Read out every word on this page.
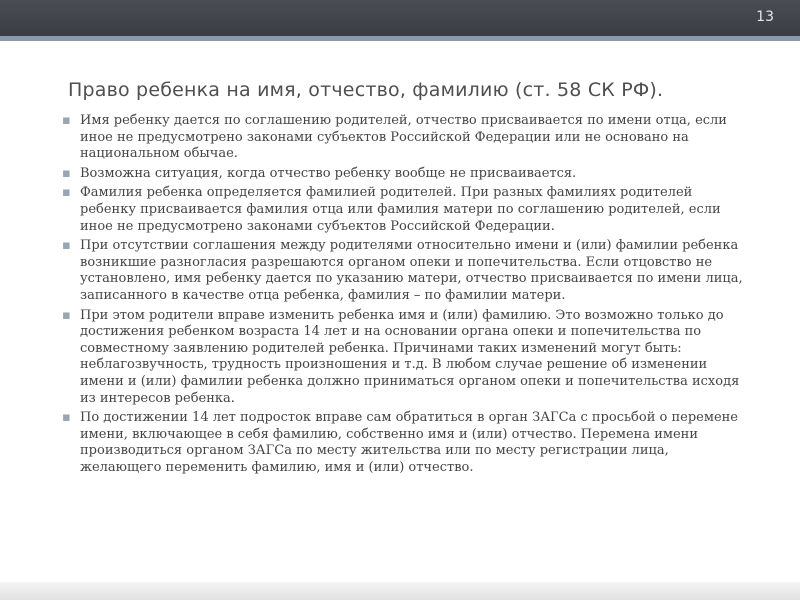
13
Право ребенка на имя, отчество, фамилию (ст. 58 СК РФ).
▪ Имя ребенку дается по соглашению родителей, отчество присваивается по имени отца, если иное не предусмотрено законами субъектов Российской Федерации или не основано на национальном обычае.
▪ Возможна ситуация, когда отчество ребенку вообще не присваивается.
▪ Фамилия ребенка определяется фамилией родителей. При разных фамилиях родителей ребенку присваивается фамилия отца или фамилия матери по соглашению родителей, если иное не предусмотрено законами субъектов Российской Федерации.
▪ При отсутствии соглашения между родителями относительно имени и (или) фамилии ребенка возникшие разногласия разрешаются органом опеки и попечительства. Если отцовство не установлено, имя ребенку дается по указанию матери, отчество присваивается по имени лица, записанного в качестве отца ребенка, фамилия – по фамилии матери.
▪ При этом родители вправе изменить ребенка имя и (или) фамилию. Это возможно только до достижения ребенком возраста 14 лет и на основании органа опеки и попечительства по совместному заявлению родителей ребенка. Причинами таких изменений могут быть: неблагозвучность, трудность произношения и т.д. В любом случае решение об изменении имени и (или) фамилии ребенка должно приниматься органом опеки и попечительства исходя из интересов ребенка.
▪ По достижении 14 лет подросток вправе сам обратиться в орган ЗАГСа с просьбой о перемене имени, включающее в себя фамилию, собственно имя и (или) отчество. Перемена имени производиться органом ЗАГСа по месту жительства или по месту регистрации лица, желающего переменить фамилию, имя и (или) отчество.
